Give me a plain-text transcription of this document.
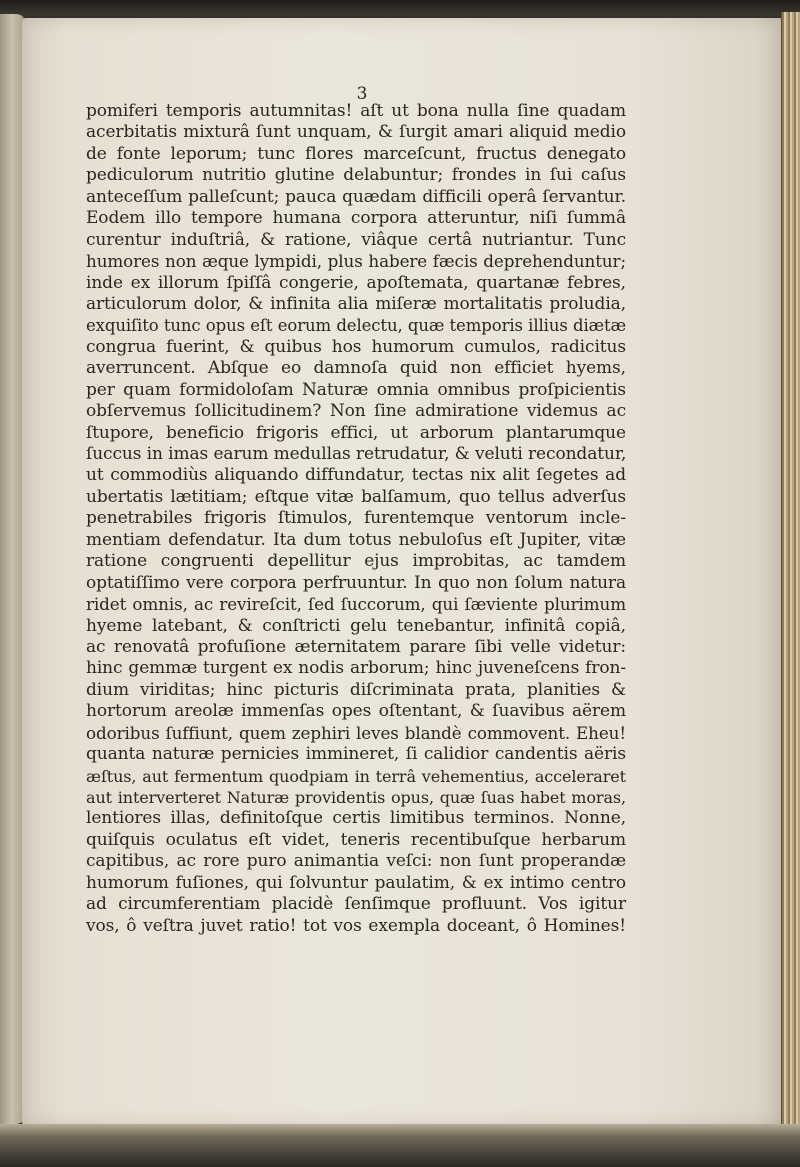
3
pomiferi temporis autumnitas! aſt ut bona nulla ſine quadam
acerbitatis mixturâ ſunt unquam, & ſurgit amari aliquid medio
de fonte leporum; tunc flores marceſcunt, fructus denegato
pediculorum nutritio glutine delabuntur; frondes in ſui caſus
anteceſſum palleſcunt; pauca quædam difficili operâ ſervantur.
Eodem illo tempore humana corpora atteruntur, niſi ſummâ
curentur induſtriâ, & ratione, viâque certâ nutriantur. Tunc
humores non æque lympidi, plus habere fæcis deprehenduntur;
inde ex illorum ſpiſſâ congerie, apoſtemata, quartanæ febres,
articulorum dolor, & infinita alia miſeræ mortalitatis proludia,
exquiſito tunc opus eſt eorum delectu, quæ temporis illius diætæ
congrua fuerint, & quibus hos humorum cumulos, radicitus
averruncent. Abſque eo damnoſa quid non efficiet hyems,
per quam formidoloſam Naturæ omnia omnibus proſpicientis
obſervemus ſollicitudinem? Non ſine admiratione videmus ac
ſtupore, beneficio frigoris effici, ut arborum plantarumque
ſuccus in imas earum medullas retrudatur, & veluti recondatur,
ut commodiùs aliquando diffundatur, tectas nix alit ſegetes ad
ubertatis lætitiam; eſtque vitæ balſamum, quo tellus adverſus
penetrabiles frigoris ſtimulos, furentemque ventorum incle-
mentiam defendatur. Ita dum totus nebuloſus eſt Jupiter, vitæ
ratione congruenti depellitur ejus improbitas, ac tamdem
optatiſſimo vere corpora perfruuntur. In quo non ſolum natura
ridet omnis, ac revireſcit, ſed ſuccorum, qui ſæviente plurimum
hyeme latebant, & conſtricti gelu tenebantur, infinitâ copiâ,
ac renovatâ profuſione æternitatem parare ſibi velle videtur:
hinc gemmæ turgent ex nodis arborum; hinc juveneſcens fron-
dium viriditas; hinc picturis diſcriminata prata, planities &
hortorum areolæ immenſas opes oſtentant, & ſuavibus aërem
odoribus ſuffiunt, quem zephiri leves blandè commovent. Eheu!
quanta naturæ pernicies immineret, ſi calidior candentis aëris
æſtus, aut fermentum quodpiam in terrâ vehementius, acceleraret
aut interverteret Naturæ providentis opus, quæ ſuas habet moras,
lentiores illas, definitoſque certis limitibus terminos. Nonne,
quiſquis oculatus eſt videt, teneris recentibuſque herbarum
capitibus, ac rore puro animantia veſci: non ſunt properandæ
humorum fuſiones, qui ſolvuntur paulatim, & ex intimo centro
ad circumferentiam placidè ſenſimque profluunt. Vos igitur
vos, ô veſtra juvet ratio! tot vos exempla doceant, ô Homines!
